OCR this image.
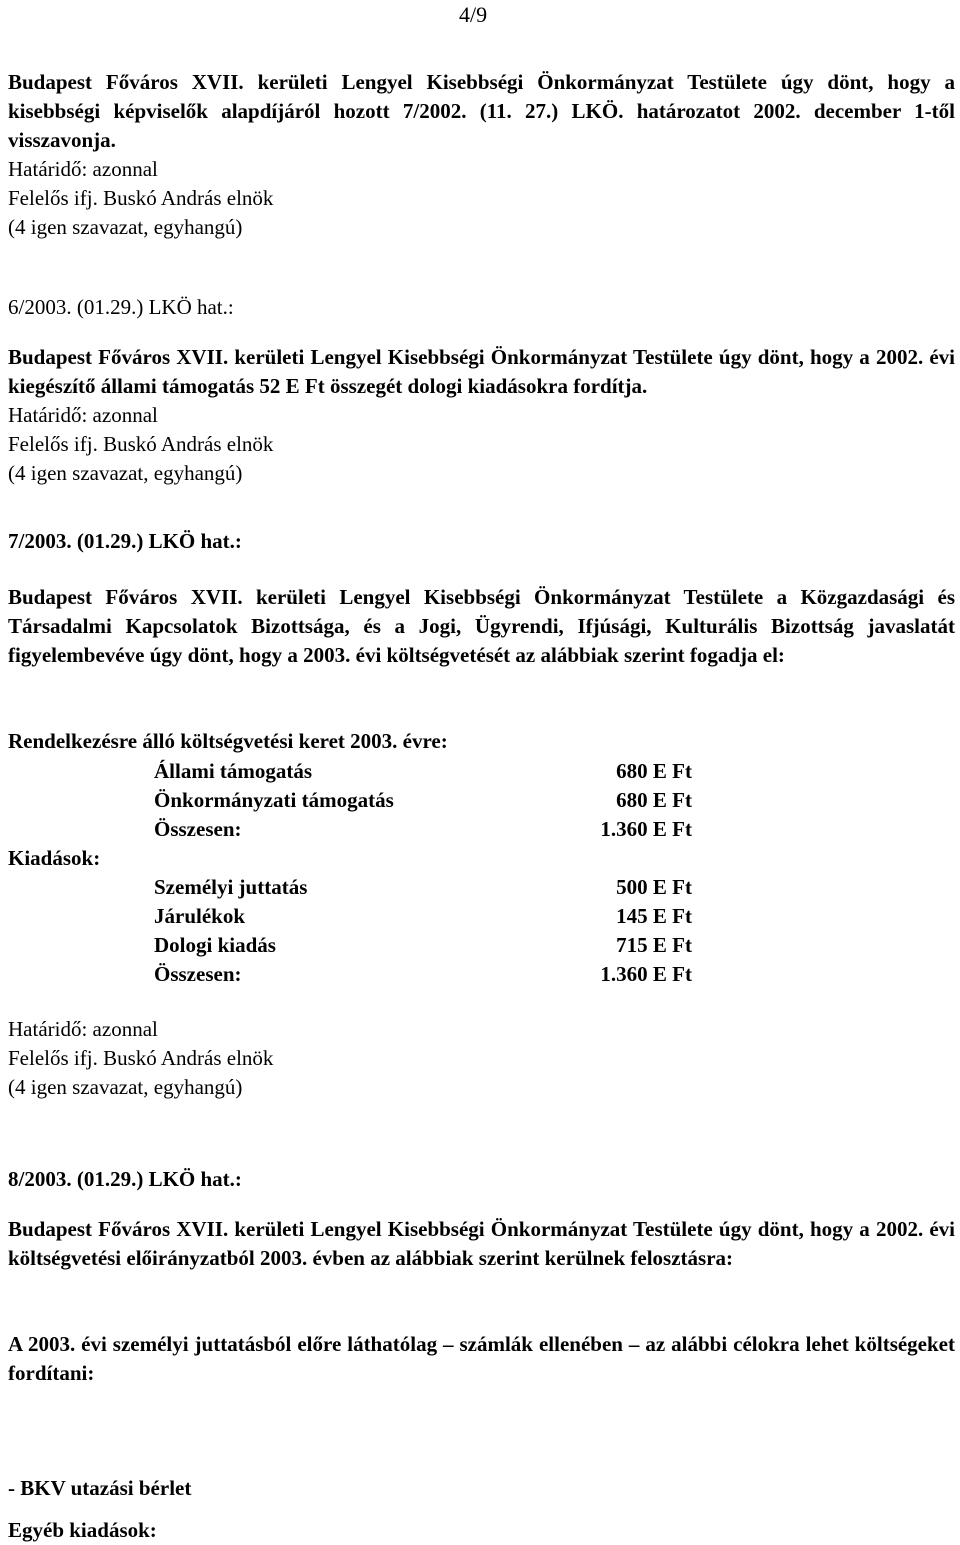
4/9
Budapest Főváros XVII. kerületi Lengyel Kisebbségi Önkormányzat Testülete úgy dönt, hogy a kisebbségi képviselők alapdíjáról hozott 7/2002. (11. 27.) LKÖ. határozatot 2002. december 1-től visszavonja.
Határidő: azonnal
Felelős ifj. Buskó András elnök
(4 igen szavazat, egyhangú)
6/2003. (01.29.) LKÖ hat.:
Budapest Főváros XVII. kerületi Lengyel Kisebbségi Önkormányzat Testülete úgy dönt, hogy a 2002. évi kiegészítő állami támogatás 52 E Ft összegét dologi kiadásokra fordítja.
Határidő: azonnal
Felelős ifj. Buskó András elnök
(4 igen szavazat, egyhangú)
7/2003. (01.29.) LKÖ hat.:
Budapest Főváros XVII. kerületi Lengyel Kisebbségi Önkormányzat Testülete a Közgazdasági és Társadalmi Kapcsolatok Bizottsága, és a Jogi, Ügyrendi, Ifjúsági, Kulturális Bizottság javaslatát figyelembevéve úgy dönt, hogy a 2003. évi költségvetését az alábbiak szerint fogadja el:
Rendelkezésre álló költségvetési keret 2003. évre:
Állami támogatás	680 E Ft
Önkormányzati támogatás	680 E Ft
Összesen:	1.360 E Ft
Kiadások:
Személyi juttatás	500 E Ft
Járulékok	145 E Ft
Dologi kiadás	715 E Ft
Összesen:	1.360 E Ft
Határidő: azonnal
Felelős ifj. Buskó András elnök
(4 igen szavazat, egyhangú)
8/2003. (01.29.) LKÖ hat.:
Budapest Főváros XVII. kerületi Lengyel Kisebbségi Önkormányzat Testülete úgy dönt, hogy a 2002. évi költségvetési előirányzatból 2003. évben az alábbiak szerint kerülnek felosztásra:
A 2003. évi személyi juttatásból előre láthatólag – számlák ellenében – az alábbi célokra lehet költségeket fordítani:
- BKV utazási bérlet
Egyéb kiadások:
